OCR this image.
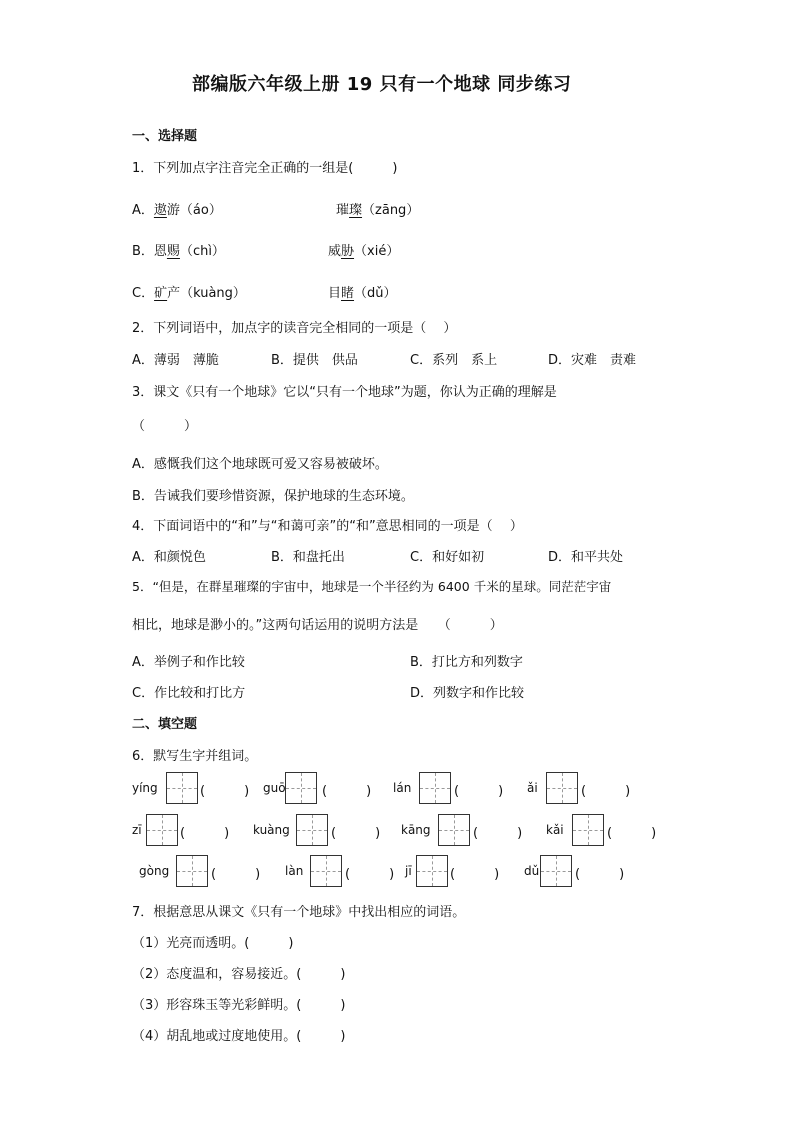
部编版六年级上册 19 只有一个地球 同步练习
一、选择题
1．下列加点字注音完全正确的一组是(　　　)
A．遨游（áo）	璀璨（zāng）
B．恩赐（chì）	威胁（xié）
C．矿产（kuàng）	目睹（dǔ）
2．下列词语中，加点字的读音完全相同的一项是（　 ）
A．薄弱　薄脆	B．提供　供品	C．系列　系上	D．灾难　责难
3．课文《只有一个地球》它以“只有一个地球”为题，你认为正确的理解是
（　　　）
A．感慨我们这个地球既可爱又容易被破坏。
B．告诫我们要珍惜资源，保护地球的生态环境。
4．下面词语中的“和”与“和蔼可亲”的“和”意思相同的一项是（　 ）
A．和颜悦色	B．和盘托出	C．和好如初	D．和平共处
5．“但是，在群星璀璨的宇宙中，地球是一个半径约为 6400 千米的星球。同茫茫宇宙
相比，地球是渺小的。”这两句话运用的说明方法是　　（　　　）
A．举例子和作比较	B．打比方和列数字
C．作比较和打比方	D．列数字和作比较
二、填空题
6．默写生字并组词。
yíng	(　　　) guō	(　　　) lán	(　　　) ǎi	(　　　)
zī	(　　　) kuàng	(　　　) kāng	(　　　) kǎi	(　　　)
gòng	(　　　) làn	(　　　) jī	(　　　) dǔ	(　　　)
7．根据意思从课文《只有一个地球》中找出相应的词语。
（1）光亮而透明。(　　　)
（2）态度温和，容易接近。(　　　)
（3）形容珠玉等光彩鲜明。(　　　)
（4）胡乱地或过度地使用。(　　　)
